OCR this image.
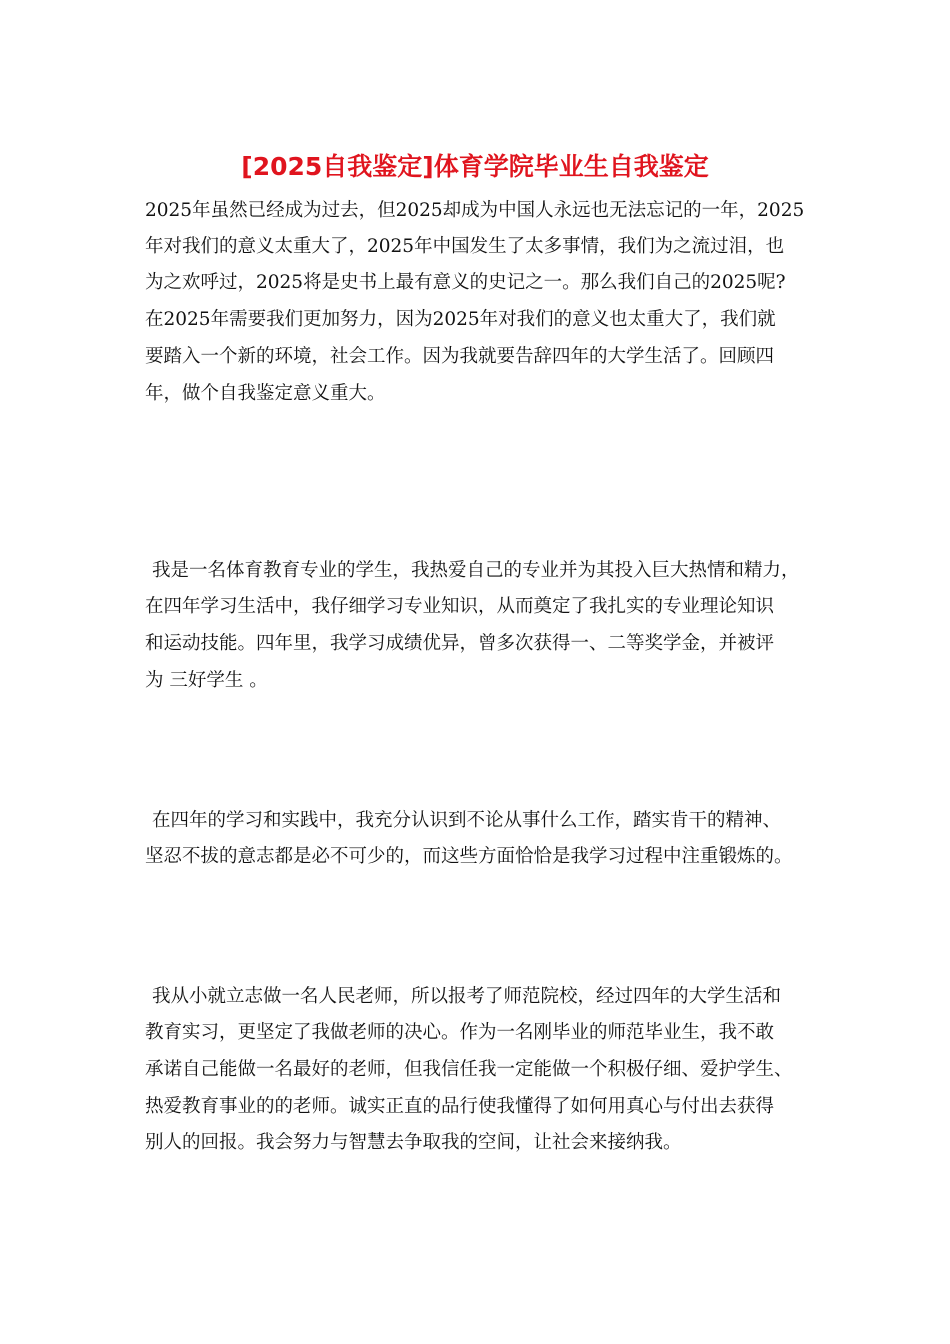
[2025自我鉴定]体育学院毕业生自我鉴定

2025年虽然已经成为过去，但2025却成为中国人永远也无法忘记的一年，2025

年对我们的意义太重大了，2025年中国发生了太多事情，我们为之流过泪，也

为之欢呼过，2025将是史书上最有意义的史记之一。那么我们自己的2025呢?

在2025年需要我们更加努力，因为2025年对我们的意义也太重大了，我们就

要踏入一个新的环境，社会工作。因为我就要告辞四年的大学生活了。回顾四

年，做个自我鉴定意义重大。

我是一名体育教育专业的学生，我热爱自己的专业并为其投入巨大热情和精力，

在四年学习生活中，我仔细学习专业知识，从而奠定了我扎实的专业理论知识

和运动技能。四年里，我学习成绩优异，曾多次获得一、二等奖学金，并被评

为 三好学生 。

在四年的学习和实践中，我充分认识到不论从事什么工作，踏实肯干的精神、

坚忍不拔的意志都是必不可少的，而这些方面恰恰是我学习过程中注重锻炼的。

我从小就立志做一名人民老师，所以报考了师范院校，经过四年的大学生活和

教育实习，更坚定了我做老师的决心。作为一名刚毕业的师范毕业生，我不敢

承诺自己能做一名最好的老师，但我信任我一定能做一个积极仔细、爱护学生、

热爱教育事业的的老师。诚实正直的品行使我懂得了如何用真心与付出去获得

别人的回报。我会努力与智慧去争取我的空间，让社会来接纳我。
